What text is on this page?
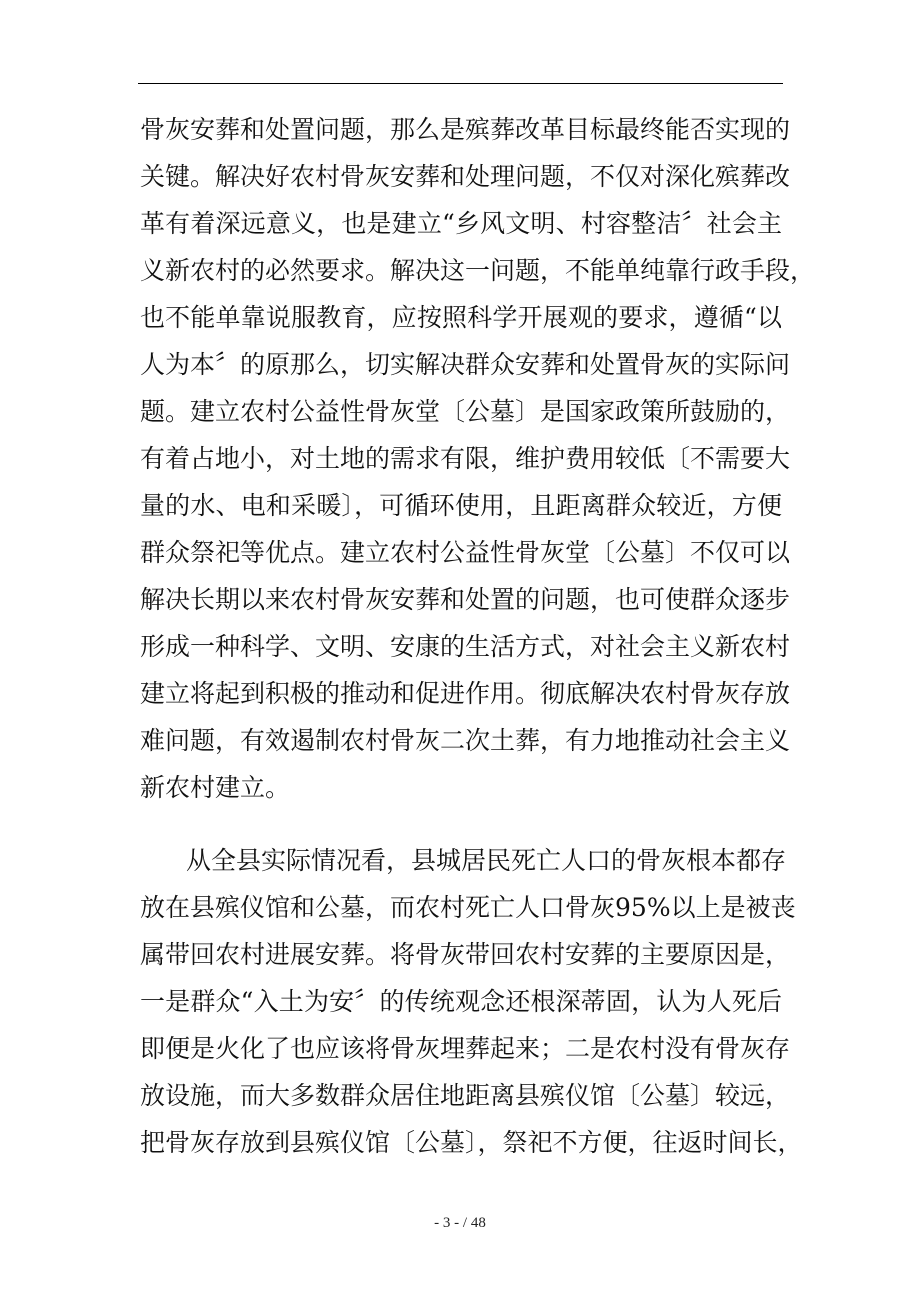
骨灰安葬和处置问题，那么是殡葬改革目标最终能否实现的
关键。解决好农村骨灰安葬和处理问题，不仅对深化殡葬改
革有着深远意义，也是建立“乡风文明、村容整洁〞社会主
义新农村的必然要求。解决这一问题，不能单纯靠行政手段，
也不能单靠说服教育，应按照科学开展观的要求，遵循“以
人为本〞的原那么，切实解决群众安葬和处置骨灰的实际问
题。建立农村公益性骨灰堂〔公墓〕是国家政策所鼓励的，
有着占地小，对土地的需求有限，维护费用较低〔不需要大
量的水、电和采暖〕，可循环使用，且距离群众较近，方便
群众祭祀等优点。建立农村公益性骨灰堂〔公墓〕不仅可以
解决长期以来农村骨灰安葬和处置的问题，也可使群众逐步
形成一种科学、文明、安康的生活方式，对社会主义新农村
建立将起到积极的推动和促进作用。彻底解决农村骨灰存放
难问题，有效遏制农村骨灰二次土葬，有力地推动社会主义
新农村建立。
从全县实际情况看，县城居民死亡人口的骨灰根本都存
放在县殡仪馆和公墓，而农村死亡人口骨灰95%以上是被丧
属带回农村进展安葬。将骨灰带回农村安葬的主要原因是，
一是群众“入土为安〞的传统观念还根深蒂固，认为人死后
即便是火化了也应该将骨灰埋葬起来；二是农村没有骨灰存
放设施，而大多数群众居住地距离县殡仪馆〔公墓〕较远，
把骨灰存放到县殡仪馆〔公墓〕，祭祀不方便，往返时间长，
- 3 - / 48
